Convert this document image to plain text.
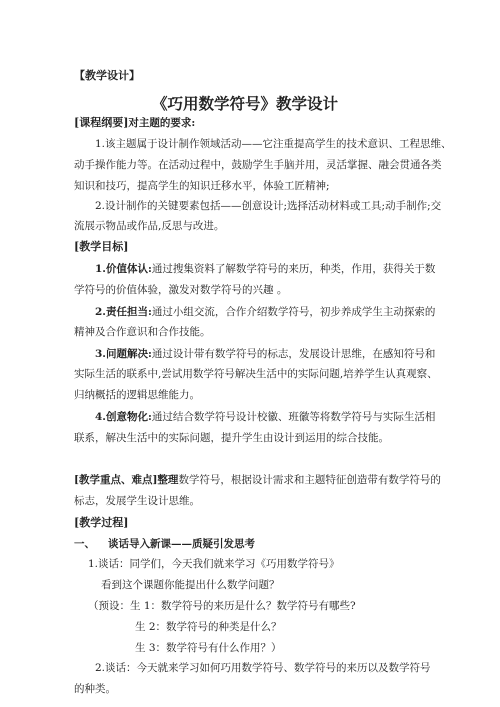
【教学设计】
《巧用数学符号》教学设计
[课程纲要]对主题的要求:
1.该主题属于设计制作领域活动——它注重提高学生的技术意识、工程思维、
动手操作能力等。在活动过程中，鼓励学生手脑并用，灵活掌握、融会贯通各类
知识和技巧，提高学生的知识迁移水平，体验工匠精神;
2.设计制作的关键要素包括——创意设计;选择活动材料或工具;动手制作;交
流展示物品或作品,反思与改进。
[教学目标]
1.价值体认:通过搜集资料了解数学符号的来历，种类，作用，获得关于数
学符号的价值体验，激发对数学符号的兴趣 。
2.责任担当:通过小组交流，合作介绍数学符号，初步养成学生主动探索的
精神及合作意识和合作技能。
3.问题解决:通过设计带有数学符号的标志，发展设计思维，在感知符号和
实际生活的联系中,尝试用数学符号解决生活中的实际问题,培养学生认真观察、
归纳概括的逻辑思维能力。
4.创意物化:通过结合数学符号设计校徽、班徽等将数学符号与实际生活相
联系，解决生活中的实际问题，提升学生由设计到运用的综合技能。
[教学重点、难点]整理数学符号，根据设计需求和主题特征创造带有数学符号的
标志，发展学生设计思维。
[教学过程]
一、 谈话导入新课——质疑引发思考
1.谈话：同学们，今天我们就来学习《巧用数学符号》
看到这个课题你能提出什么数学问题？
（预设：生 1：数学符号的来历是什么？数学符号有哪些?
生 2：数学符号的种类是什么？
生 3：数学符号有什么作用？）
2.谈话：今天就来学习如何巧用数学符号、数学符号的来历以及数学符号
的种类。
